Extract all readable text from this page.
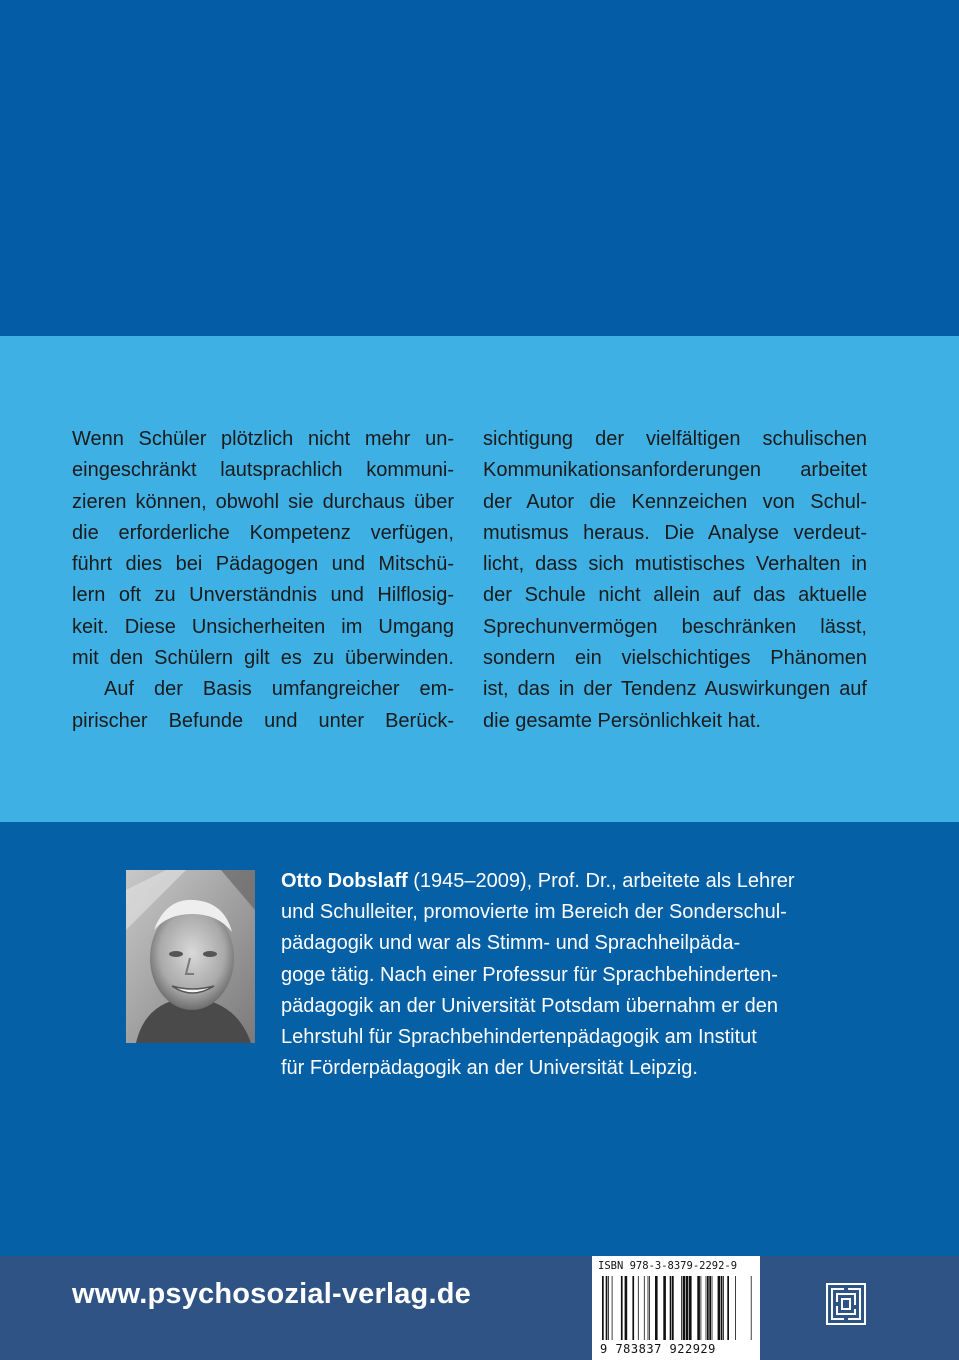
Wenn Schüler plötzlich nicht mehr un-
eingeschränkt lautsprachlich kommuni-
zieren können, obwohl sie durchaus über
die erforderliche Kompetenz verfügen,
führt dies bei Pädagogen und Mitschü-
lern oft zu Unverständnis und Hilflosig-
keit. Diese Unsicherheiten im Umgang
mit den Schülern gilt es zu überwinden.
Auf der Basis umfangreicher em-
pirischer Befunde und unter Berück-
sichtigung der vielfältigen schulischen
Kommunikationsanforderungen arbeitet
der Autor die Kennzeichen von Schul-
mutismus heraus. Die Analyse verdeut-
licht, dass sich mutistisches Verhalten in
der Schule nicht allein auf das aktuelle
Sprechunvermögen beschränken lässt,
sondern ein vielschichtiges Phänomen
ist, das in der Tendenz Auswirkungen auf
die gesamte Persönlichkeit hat.
Otto Dobslaff (1945–2009), Prof. Dr., arbeitete als Lehrer
und Schulleiter, promovierte im Bereich der Sonderschul-
pädagogik und war als Stimm- und Sprachheilpäda-
goge tätig. Nach einer Professur für Sprachbehinderten-
pädagogik an der Universität Potsdam übernahm er den
Lehrstuhl für Sprachbehindertenpädagogik am Institut
für Förderpädagogik an der Universität Leipzig.
www.psychosozial-verlag.de
ISBN 978-3-8379-2292-9
9 783837 922929
